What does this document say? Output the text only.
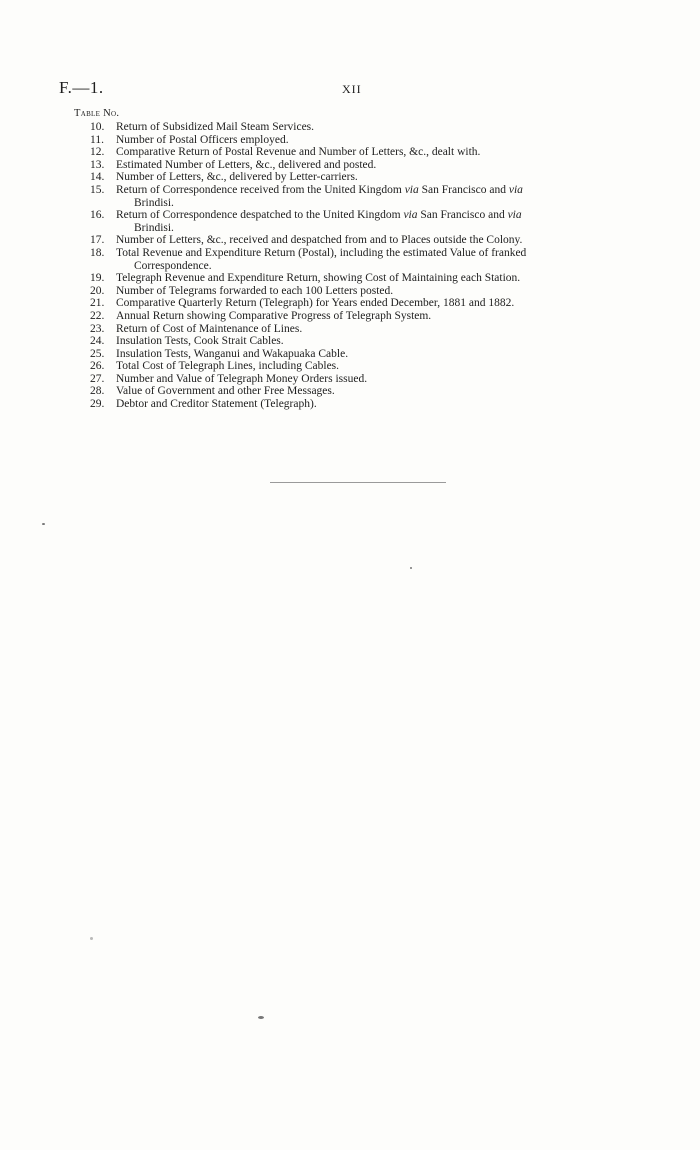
F.—1.	XII
Table No.
10.	Return of Subsidized Mail Steam Services.
11.	Number of Postal Officers employed.
12.	Comparative Return of Postal Revenue and Number of Letters, &c., dealt with.
13.	Estimated Number of Letters, &c., delivered and posted.
14.	Number of Letters, &c., delivered by Letter-carriers.
15.	Return of Correspondence received from the United Kingdom via San Francisco and via
Brindisi.
16.	Return of Correspondence despatched to the United Kingdom via San Francisco and via
Brindisi.
17.	Number of Letters, &c., received and despatched from and to Places outside the Colony.
18.	Total Revenue and Expenditure Return (Postal), including the estimated Value of franked
Correspondence.
19.	Telegraph Revenue and Expenditure Return, showing Cost of Maintaining each Station.
20.	Number of Telegrams forwarded to each 100 Letters posted.
21.	Comparative Quarterly Return (Telegraph) for Years ended December, 1881 and 1882.
22.	Annual Return showing Comparative Progress of Telegraph System.
23.	Return of Cost of Maintenance of Lines.
24.	Insulation Tests, Cook Strait Cables.
25.	Insulation Tests, Wanganui and Wakapuaka Cable.
26.	Total Cost of Telegraph Lines, including Cables.
27.	Number and Value of Telegraph Money Orders issued.
28.	Value of Government and other Free Messages.
29.	Debtor and Creditor Statement (Telegraph).
